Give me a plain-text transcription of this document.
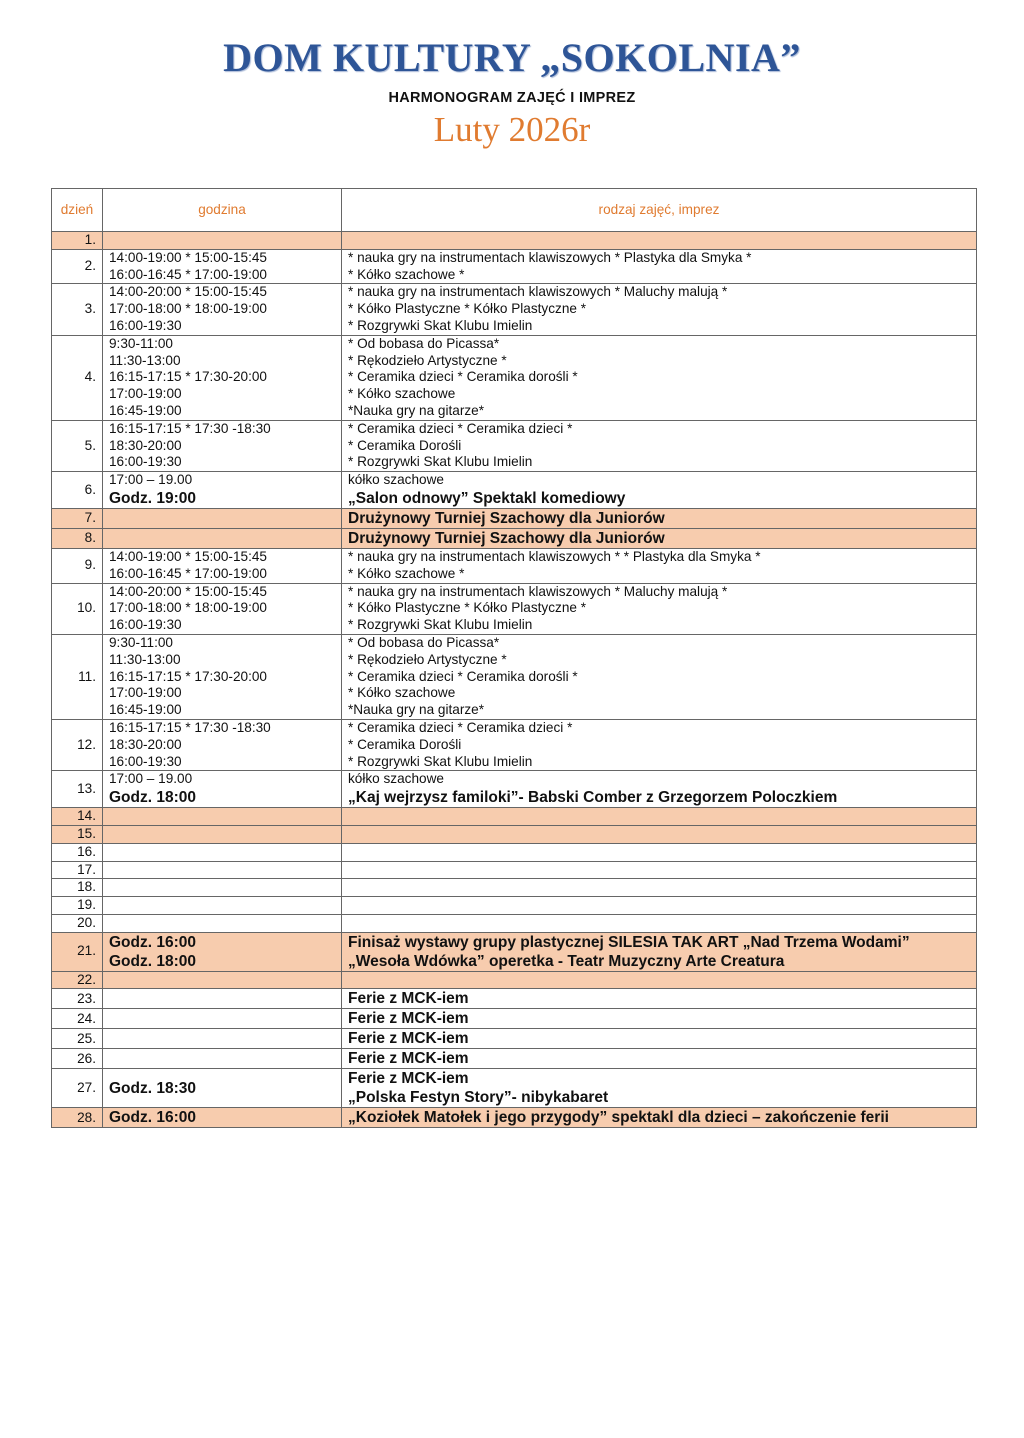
DOM KULTURY „SOKOLNIA”
HARMONOGRAM ZAJĘĆ I IMPREZ
Luty 2026r
dzień	godzina	rodzaj zajęć, imprez
1.		
2.	14:00-19:00 * 15:00-15:45
16:00-16:45 * 17:00-19:00	* nauka gry na instrumentach klawiszowych * Plastyka dla Smyka *
* Kółko szachowe *

3.	14:00-20:00 * 15:00-15:45
17:00-18:00 * 18:00-19:00
16:00-19:30	* nauka gry na instrumentach klawiszowych * Maluchy malują *
* Kółko Plastyczne * Kółko Plastyczne *
* Rozgrywki Skat Klubu Imielin

4.	9:30-11:00
11:30-13:00
16:15-17:15 * 17:30-20:00
17:00-19:00
16:45-19:00	* Od bobasa do Picassa*
* Rękodzieło Artystyczne *
* Ceramika dzieci * Ceramika dorośli *
* Kółko szachowe
*Nauka gry na gitarze*

5.	16:15-17:15 * 17:30 -18:30
18:30-20:00
16:00-19:30	* Ceramika dzieci * Ceramika dzieci *
* Ceramika Dorośli
* Rozgrywki Skat Klubu Imielin

6.	17:00 – 19.00
Godz. 19:00	kółko szachowe
„Salon odnowy” Spektakl komediowy

7.		Drużynowy Turniej Szachowy dla Juniorów

8.		Drużynowy Turniej Szachowy dla Juniorów

9.	14:00-19:00 * 15:00-15:45
16:00-16:45 * 17:00-19:00	* nauka gry na instrumentach klawiszowych * * Plastyka dla Smyka *
* Kółko szachowe *

10.	14:00-20:00 * 15:00-15:45
17:00-18:00 * 18:00-19:00
16:00-19:30	* nauka gry na instrumentach klawiszowych * Maluchy malują *
* Kółko Plastyczne * Kółko Plastyczne *
* Rozgrywki Skat Klubu Imielin

11.	9:30-11:00
11:30-13:00
16:15-17:15 * 17:30-20:00
17:00-19:00
16:45-19:00	* Od bobasa do Picassa*
* Rękodzieło Artystyczne *
* Ceramika dzieci * Ceramika dorośli *
* Kółko szachowe
*Nauka gry na gitarze*

12.	16:15-17:15 * 17:30 -18:30
18:30-20:00
16:00-19:30	* Ceramika dzieci * Ceramika dzieci *
* Ceramika Dorośli
* Rozgrywki Skat Klubu Imielin

13.	17:00 – 19.00
Godz. 18:00	kółko szachowe
„Kaj wejrzysz familoki”- Babski Comber z Grzegorzem Poloczkiem

14.		
15.		
16.		
17.		
18.		
19.		
20.		
21.	Godz. 16:00
Godz. 18:00	Finisaż wystawy grupy plastycznej SILESIA TAK ART „Nad Trzema Wodami”
„Wesoła Wdówka” operetka - Teatr Muzyczny Arte Creatura

22.		
23.		Ferie z MCK-iem

24.		Ferie z MCK-iem

25.		Ferie z MCK-iem

26.		Ferie z MCK-iem

27.	Godz. 18:30	Ferie z MCK-iem
„Polska Festyn Story”- nibykabaret

28.	Godz. 16:00	„Koziołek Matołek i jego przygody” spektakl dla dzieci – zakończenie ferii
